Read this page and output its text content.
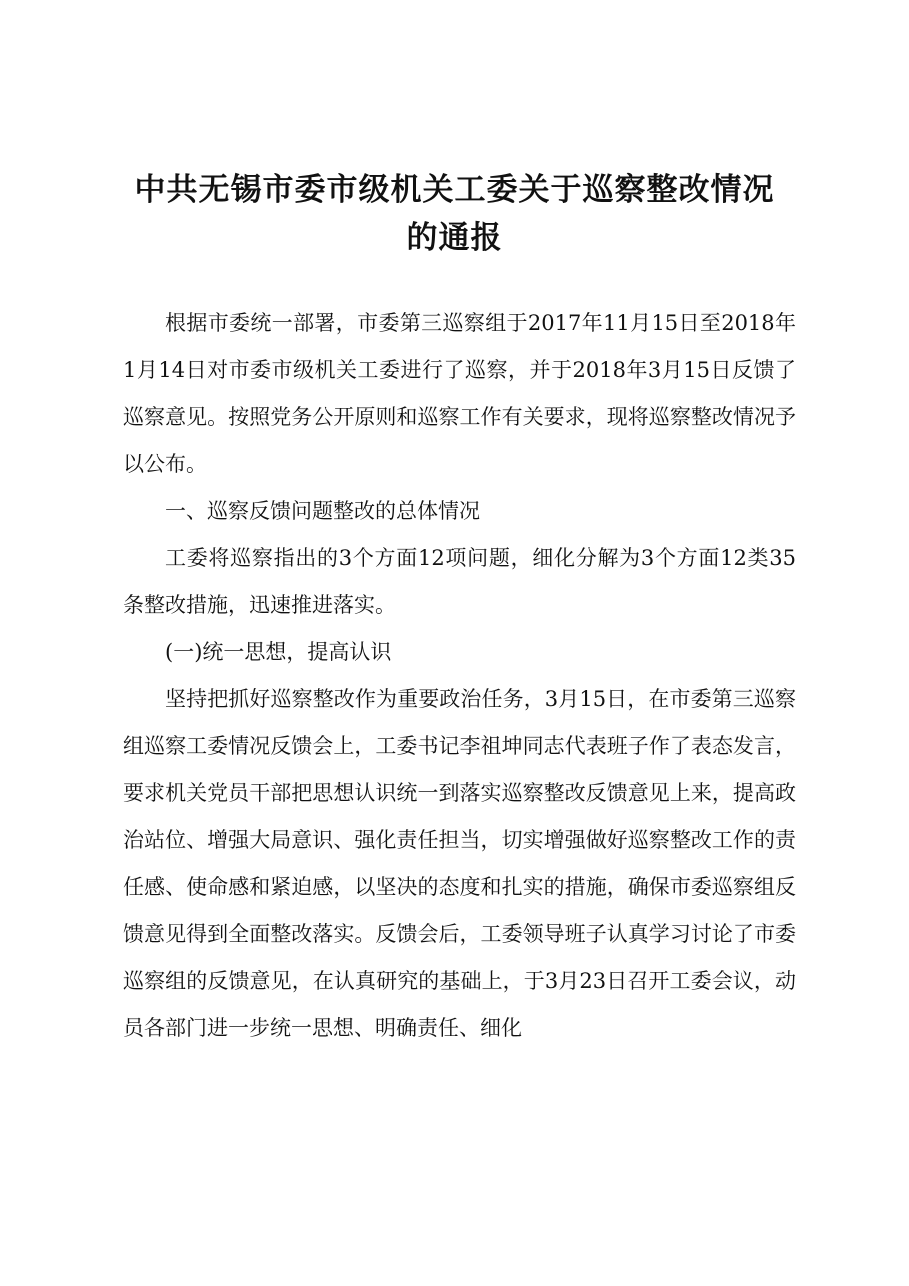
中共无锡市委市级机关工委关于巡察整改情况
的通报

根据市委统一部署，市委第三巡察组于2017年11月15日至2018年1月14日对市委市级机关工委进行了巡察，并于2018年3月15日反馈了巡察意见。按照党务公开原则和巡察工作有关要求，现将巡察整改情况予以公布。

一、巡察反馈问题整改的总体情况

工委将巡察指出的3个方面12项问题，细化分解为3个方面12类35条整改措施，迅速推进落实。

(一)统一思想，提高认识

坚持把抓好巡察整改作为重要政治任务，3月15日，在市委第三巡察组巡察工委情况反馈会上，工委书记李祖坤同志代表班子作了表态发言，要求机关党员干部把思想认识统一到落实巡察整改反馈意见上来，提高政治站位、增强大局意识、强化责任担当，切实增强做好巡察整改工作的责任感、使命感和紧迫感，以坚决的态度和扎实的措施，确保市委巡察组反馈意见得到全面整改落实。反馈会后，工委领导班子认真学习讨论了市委巡察组的反馈意见，在认真研究的基础上，于3月23日召开工委会议，动员各部门进一步统一思想、明确责任、细化
